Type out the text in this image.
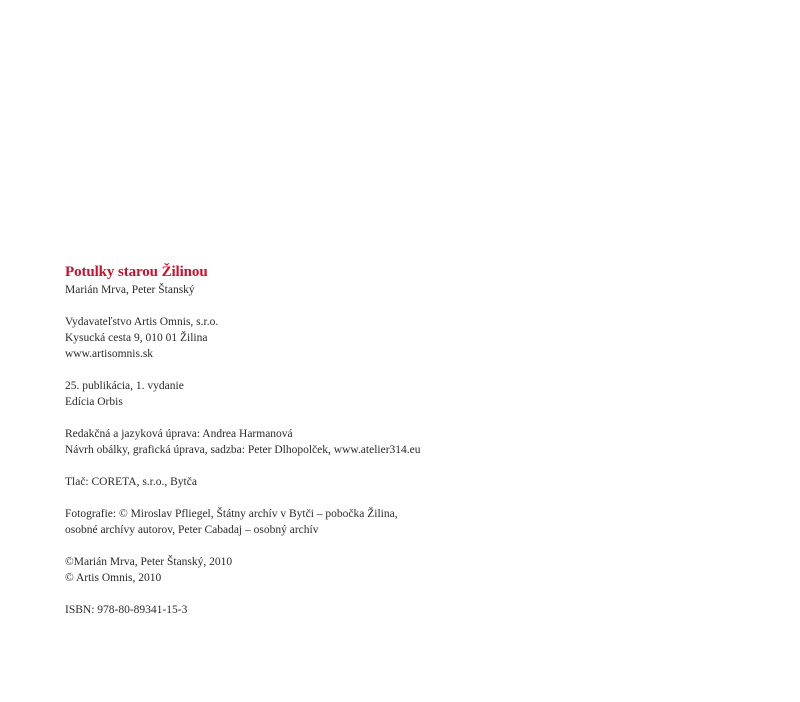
Potulky starou Žilinou

Marián Mrva, Peter Štanský

Vydavateľstvo Artis Omnis, s.r.o.
Kysucká cesta 9, 010 01 Žilina
www.artisomnis.sk
25. publikácia, 1. vydanie
Edícia Orbis
Redakčná a jazyková úprava: Andrea Harmanová
Návrh obálky, grafická úprava, sadzba: Peter Dlhopolček, www.atelier314.eu
Tlač: CORETA, s.r.o., Bytča
Fotografie: © Miroslav Pfliegel, Štátny archív v Bytči – pobočka Žilina,
osobné archívy autorov, Peter Cabadaj – osobný archív
©Marián Mrva, Peter Štanský, 2010
© Artis Omnis, 2010
ISBN: 978-80-89341-15-3
